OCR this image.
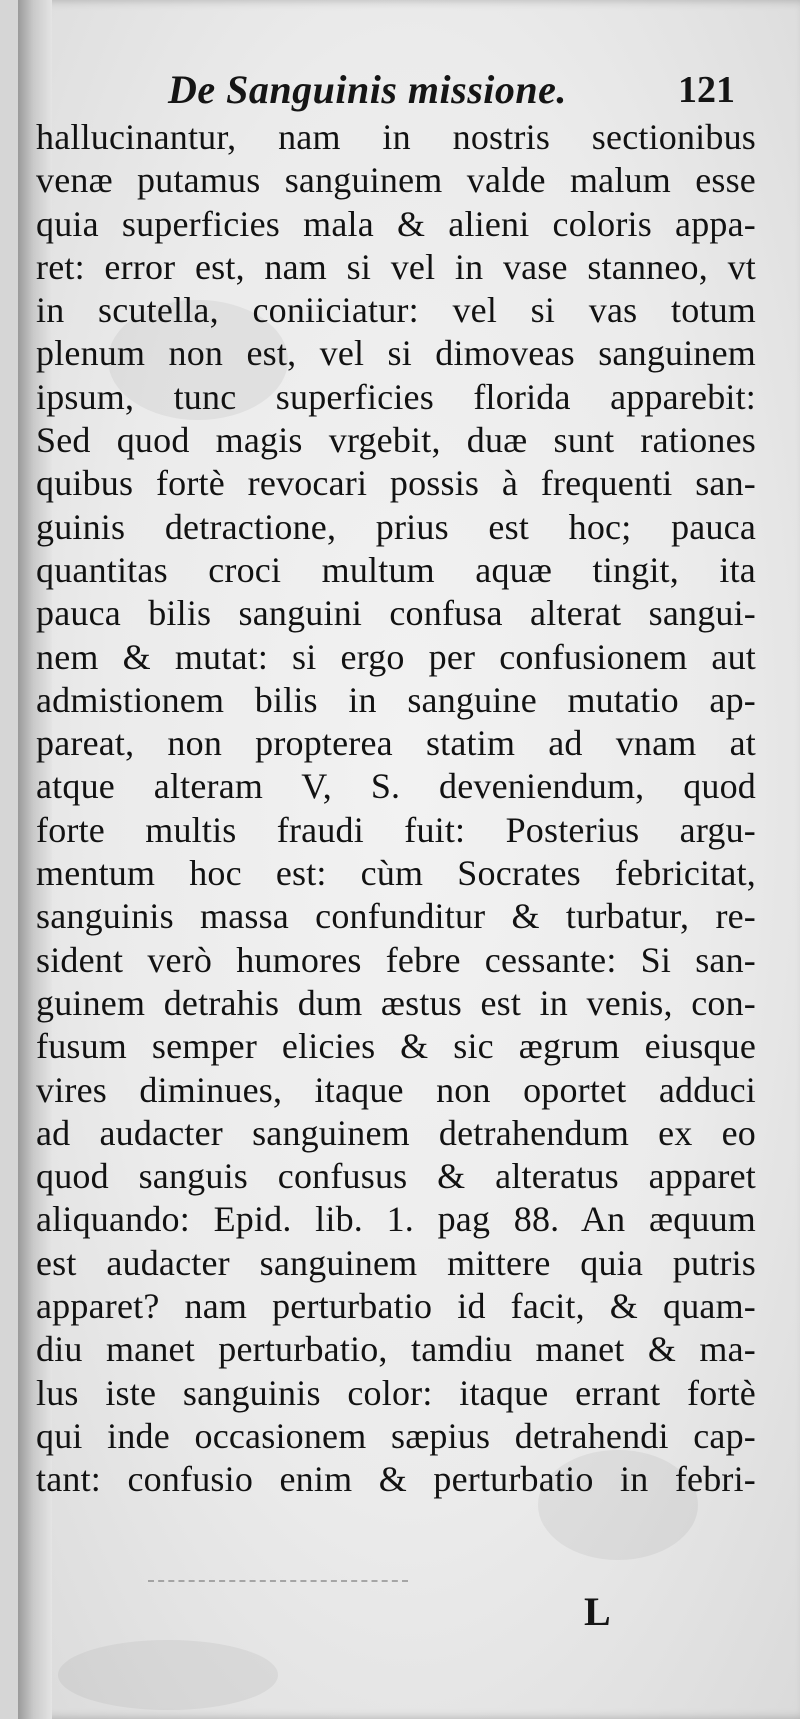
De Sanguinis missione.	121
hallucinantur, nam in nostris sectionibus
venæ putamus sanguinem valde malum esse
quia superficies mala & alieni coloris appa-
ret: error est, nam si vel in vase stanneo, vt
in scutella, coniiciatur: vel si vas totum
plenum non est, vel si dimoveas sanguinem
ipsum, tunc superficies florida apparebit:
Sed quod magis vrgebit, duæ sunt rationes
quibus fortè revocari possis à frequenti san-
guinis detractione, prius est hoc; pauca
quantitas croci multum aquæ tingit, ita
pauca bilis sanguini confusa alterat sangui-
nem & mutat: si ergo per confusionem aut
admistionem bilis in sanguine mutatio ap-
pareat, non propterea statim ad vnam at
atque alteram V, S. deveniendum, quod
forte multis fraudi fuit: Posterius argu-
mentum hoc est: cùm Socrates febricitat,
sanguinis massa confunditur & turbatur, re-
sident verò humores febre cessante: Si san-
guinem detrahis dum æstus est in venis, con-
fusum semper elicies & sic ægrum eiusque
vires diminues, itaque non oportet adduci
ad audacter sanguinem detrahendum ex eo
quod sanguis confusus & alteratus apparet
aliquando: Epid. lib. 1. pag 88. An æquum
est audacter sanguinem mittere quia putris
apparet? nam perturbatio id facit, & quam-
diu manet perturbatio, tamdiu manet & ma-
lus iste sanguinis color: itaque errant fortè
qui inde occasionem sæpius detrahendi cap-
tant: confusio enim & perturbatio in febri-
L
